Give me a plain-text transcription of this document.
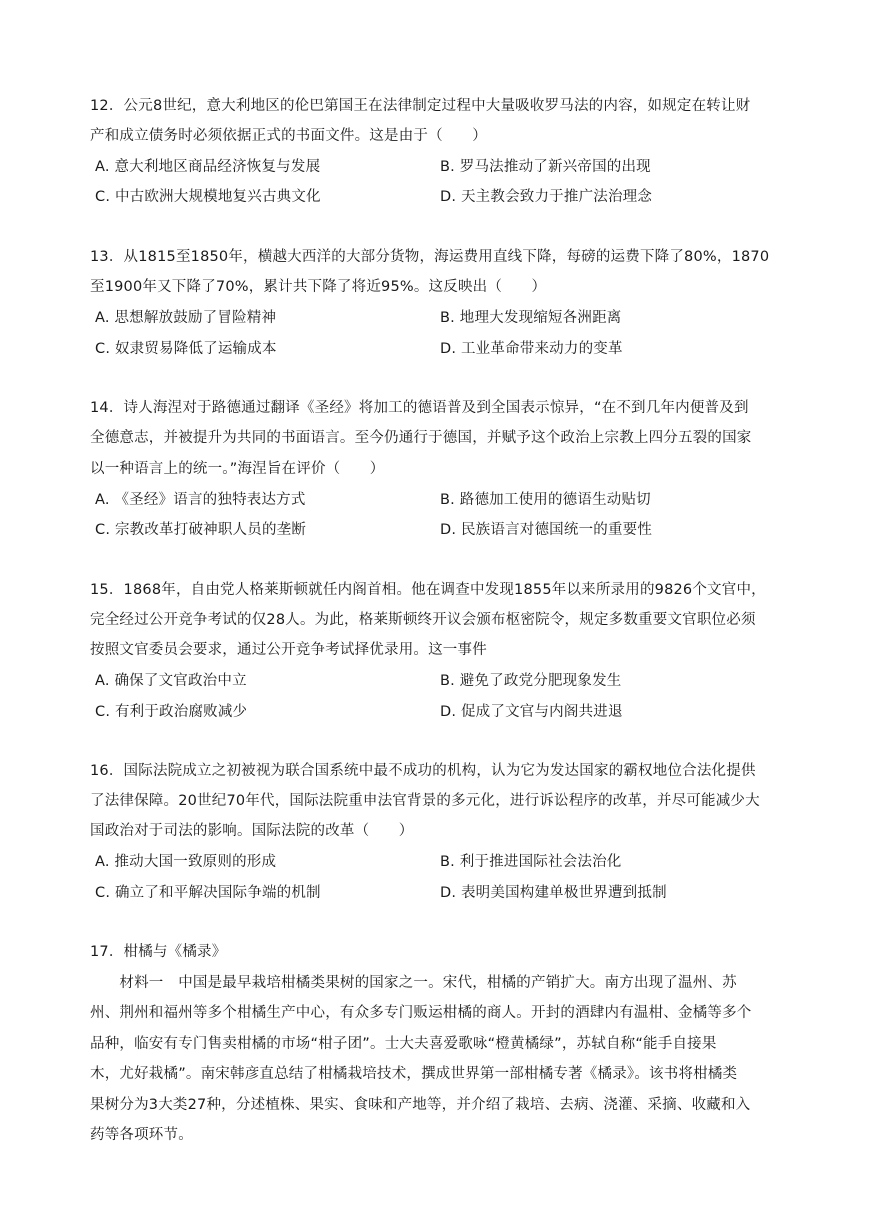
12．公元8世纪，意大利地区的伦巴第国王在法律制定过程中大量吸收罗马法的内容，如规定在转让财
产和成立债务时必须依据正式的书面文件。这是由于（　　）
A. 意大利地区商品经济恢复与发展	B. 罗马法推动了新兴帝国的出现
C. 中古欧洲大规模地复兴古典文化	D. 天主教会致力于推广法治理念
13．从1815至1850年，横越大西洋的大部分货物，海运费用直线下降，每磅的运费下降了80%，1870
至1900年又下降了70%，累计共下降了将近95%。这反映出（　　）
A. 思想解放鼓励了冒险精神	B. 地理大发现缩短各洲距离
C. 奴隶贸易降低了运输成本	D. 工业革命带来动力的变革
14．诗人海涅对于路德通过翻译《圣经》将加工的德语普及到全国表示惊异，“在不到几年内便普及到
全德意志，并被提升为共同的书面语言。至今仍通行于德国，并赋予这个政治上宗教上四分五裂的国家
以一种语言上的统一。”海涅旨在评价（　　）
A. 《圣经》语言的独特表达方式	B. 路德加工使用的德语生动贴切
C. 宗教改革打破神职人员的垄断	D. 民族语言对德国统一的重要性
15．1868年，自由党人格莱斯顿就任内阁首相。他在调查中发现1855年以来所录用的9826个文官中，
完全经过公开竞争考试的仅28人。为此，格莱斯顿终开议会颁布枢密院令，规定多数重要文官职位必须
按照文官委员会要求，通过公开竞争考试择优录用。这一事件
A. 确保了文官政治中立	B. 避免了政党分肥现象发生
C. 有利于政治腐败减少	D. 促成了文官与内阁共进退
16．国际法院成立之初被视为联合国系统中最不成功的机构，认为它为发达国家的霸权地位合法化提供
了法律保障。20世纪70年代，国际法院重申法官背景的多元化，进行诉讼程序的改革，并尽可能减少大
国政治对于司法的影响。国际法院的改革（　　）
A. 推动大国一致原则的形成	B. 利于推进国际社会法治化
C. 确立了和平解决国际争端的机制	D. 表明美国构建单极世界遭到抵制
17．柑橘与《橘录》
　　材料一　中国是最早栽培柑橘类果树的国家之一。宋代，柑橘的产销扩大。南方出现了温州、苏
州、荆州和福州等多个柑橘生产中心，有众多专门贩运柑橘的商人。开封的酒肆内有温柑、金橘等多个
品种，临安有专门售卖柑橘的市场“柑子团”。士大夫喜爱歌咏“橙黄橘绿”，苏轼自称“能手自接果
木，尤好栽橘”。南宋韩彦直总结了柑橘栽培技术，撰成世界第一部柑橘专著《橘录》。该书将柑橘类
果树分为3大类27种，分述植株、果实、食味和产地等，并介绍了栽培、去病、浇灌、采摘、收藏和入
药等各项环节。
